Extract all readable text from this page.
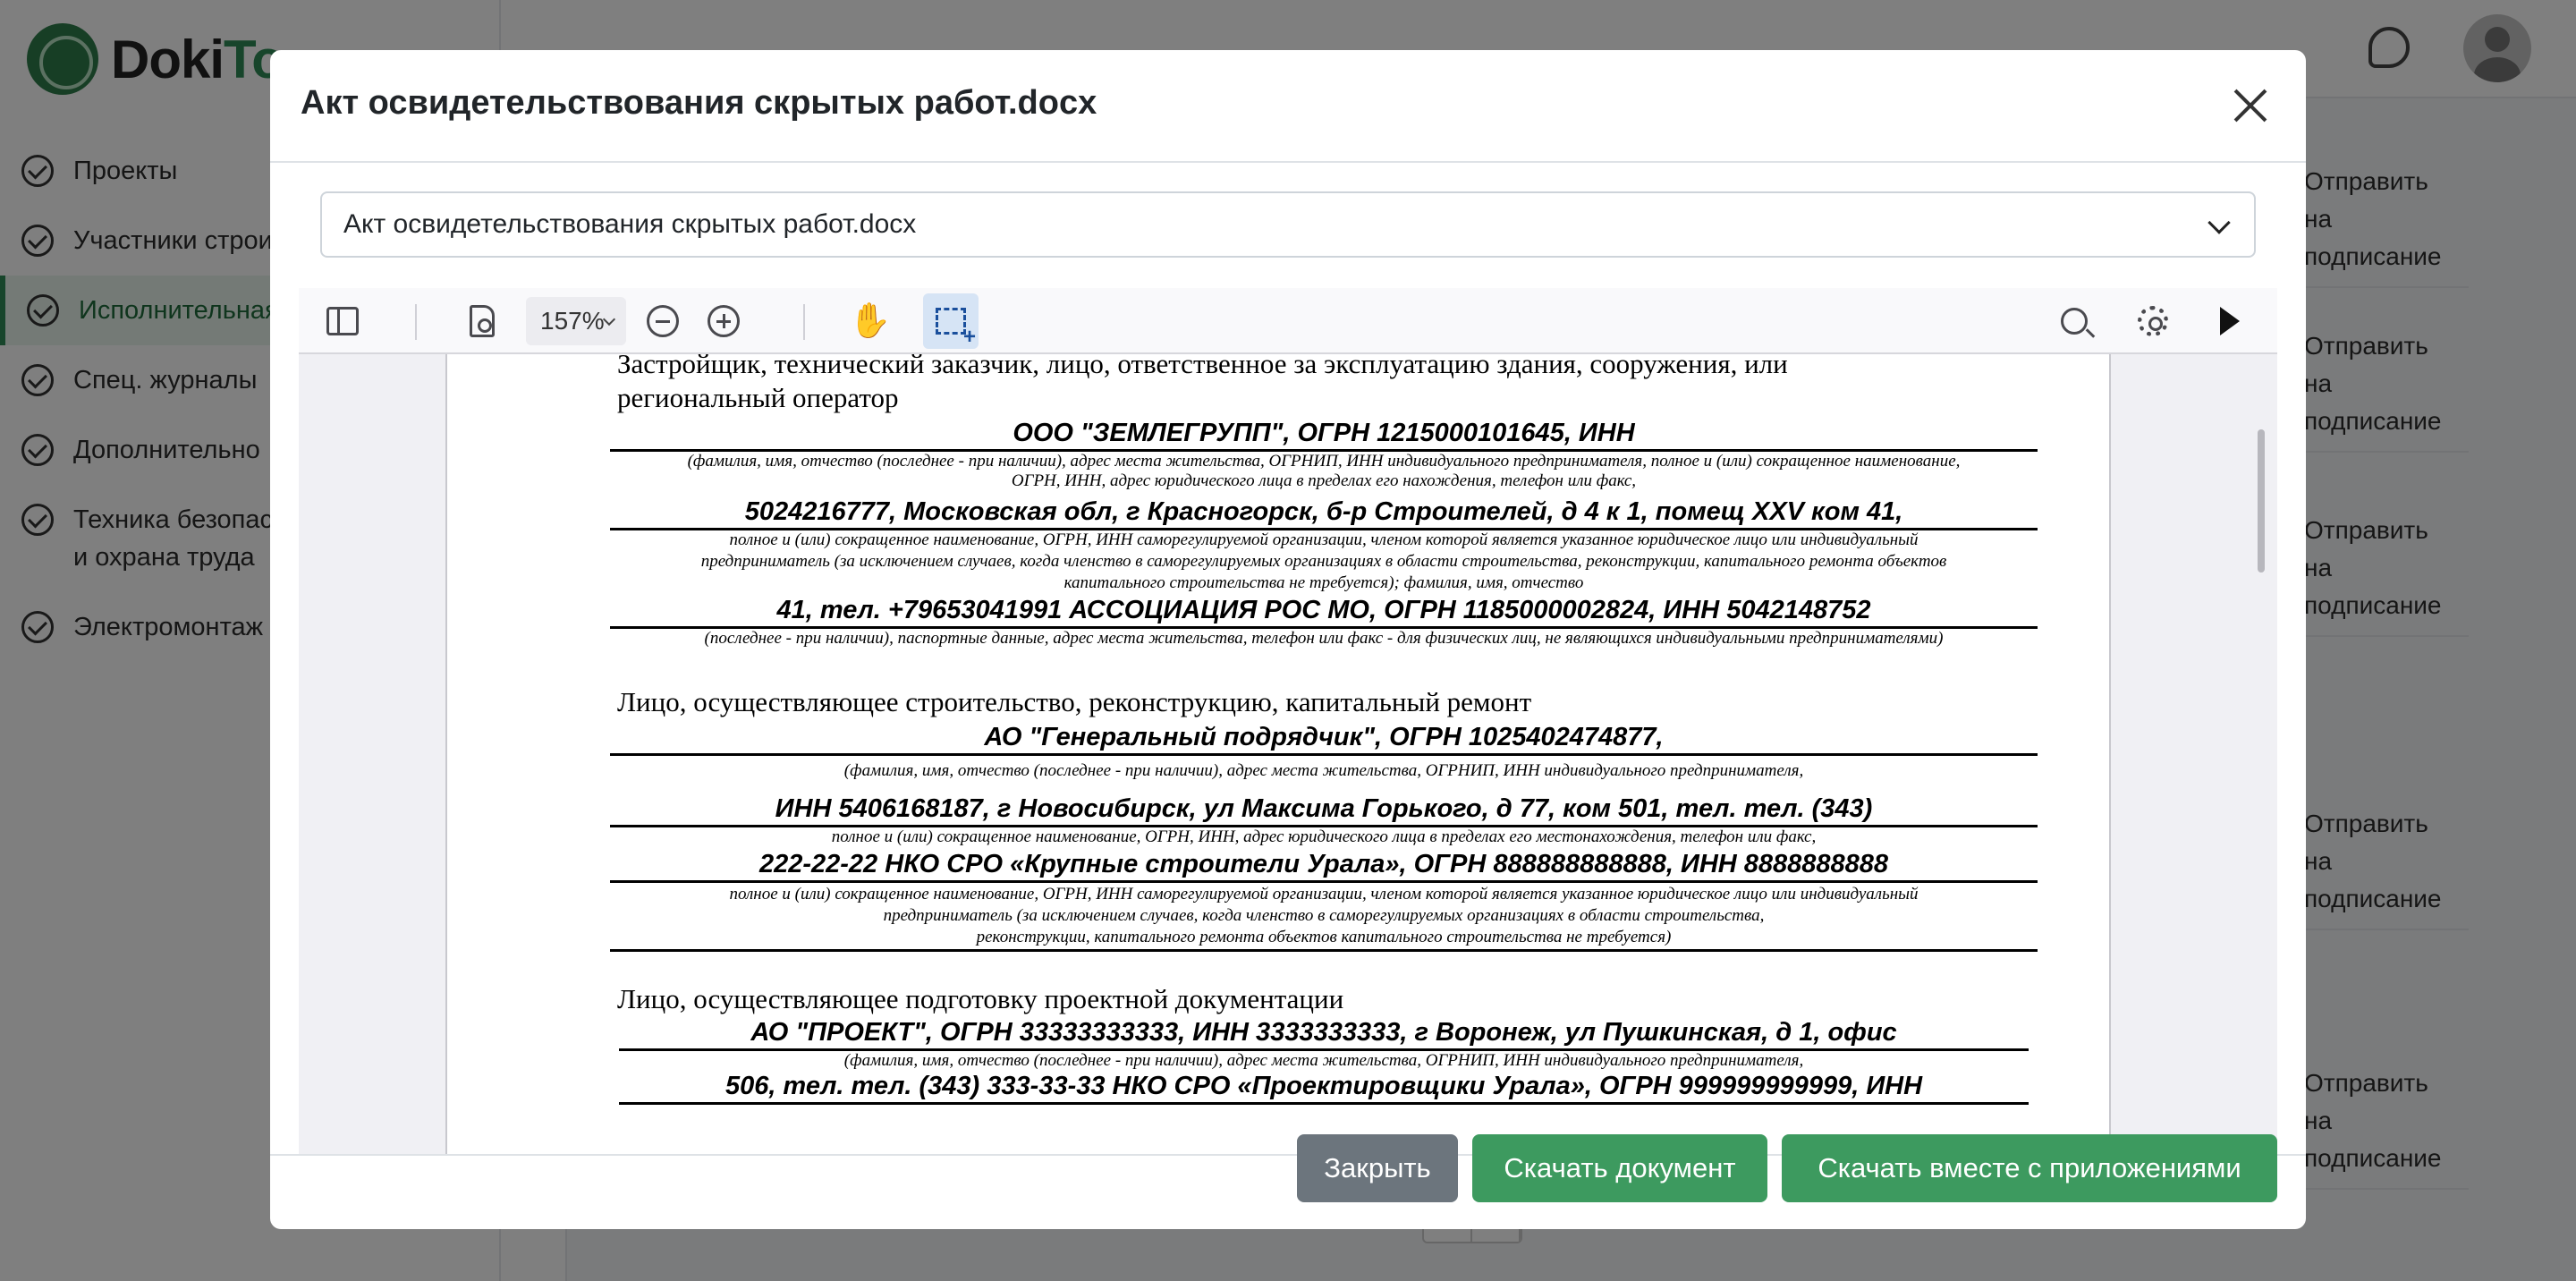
Акт освидетельствования скрытых работ.docx
Акт освидетельствования скрытых работ.docx
157%	✋
+
Застройщик, технический заказчик, лицо, ответственное за эксплуатацию здания, сооружения, или
региональный оператор
ООО "ЗЕМЛЕГРУПП", ОГРН 1215000101645, ИНН
(фамилия, имя, отчество (последнее - при наличии), адрес места жительства, ОГРНИП, ИНН индивидуального предпринимателя, полное и (или) сокращенное наименование,
ОГРН, ИНН, адрес юридического лица в пределах его нахождения, телефон или факс,
5024216777, Московская обл, г Красногорск, б-р Строителей, д 4 к 1, помещ XXV ком 41,
полное и (или) сокращенное наименование, ОГРН, ИНН саморегулируемой организации, членом которой является указанное юридическое лицо или индивидуальный
предприниматель (за исключением случаев, когда членство в саморегулируемых организациях в области строительства, реконструкции, капитального ремонта объектов
капитального строительства не требуется); фамилия, имя, отчество
41, тел. +79653041991 АССОЦИАЦИЯ РОС МО, ОГРН 1185000002824, ИНН 5042148752
(последнее - при наличии), паспортные данные, адрес места жительства, телефон или факс - для физических лиц, не являющихся индивидуальными предпринимателями)
Лицо, осуществляющее строительство, реконструкцию, капитальный ремонт
АО "Генеральный подрядчик", ОГРН 1025402474877,
(фамилия, имя, отчество (последнее - при наличии), адрес места жительства, ОГРНИП, ИНН индивидуального предпринимателя,
ИНН 5406168187, г Новосибирск, ул Максима Горького, д 77, ком 501, тел. тел. (343)
полное и (или) сокращенное наименование, ОГРН, ИНН, адрес юридического лица в пределах его местонахождения, телефон или факс,
222-22-22 НКО СРО «Крупные строители Урала», ОГРН 888888888888, ИНН 8888888888
полное и (или) сокращенное наименование, ОГРН, ИНН саморегулируемой организации, членом которой является указанное юридическое лицо или индивидуальный
предприниматель (за исключением случаев, когда членство в саморегулируемых организациях в области строительства,
реконструкции, капитального ремонта объектов капитального строительства не требуется)
Лицо, осуществляющее подготовку проектной документации
АО "ПРОЕКТ", ОГРН 33333333333, ИНН 3333333333, г Воронеж, ул Пушкинская, д 1, офис
(фамилия, имя, отчество (последнее - при наличии), адрес места жительства, ОГРНИП, ИНН индивидуального предпринимателя,
506, тел. тел. (343) 333-33-33 НКО СРО «Проектировщики Урала», ОГРН 999999999999, ИНН
Закрыть	Скачать документ	Скачать вместе с приложениями
